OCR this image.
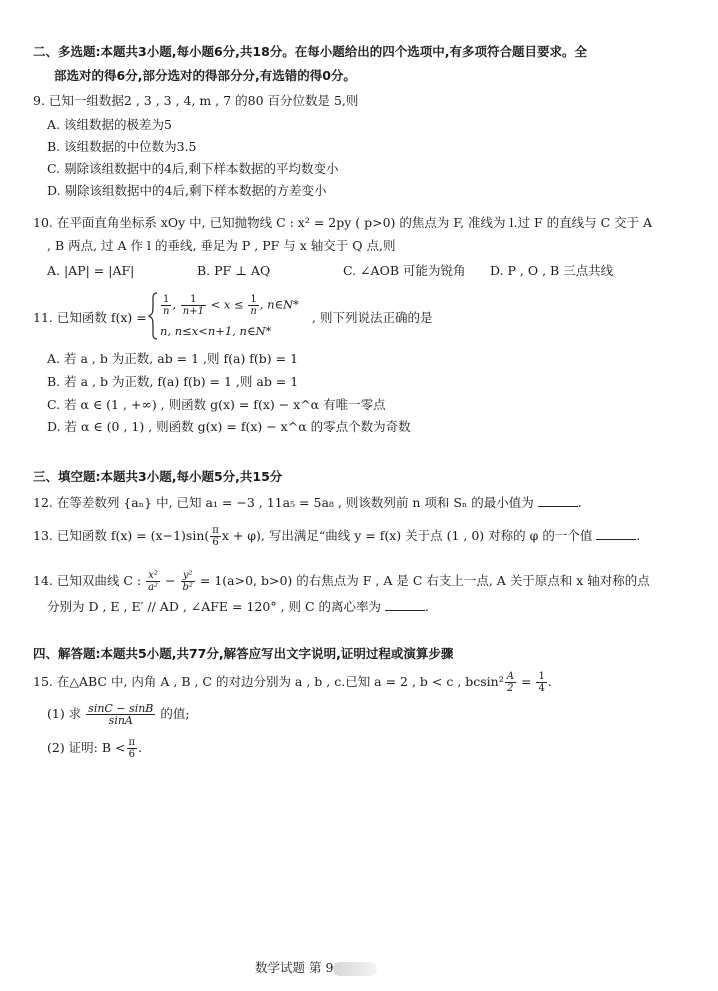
二、多选题:本题共3小题,每小题6分,共18分。在每小题给出的四个选项中,有多项符合题目要求。全
部选对的得6分,部分选对的得部分分,有选错的得0分。
9. 已知一组数据2 , 3 , 3 , 4, m , 7 的80 百分位数是 5,则
A. 该组数据的极差为5
B. 该组数据的中位数为3.5
C. 剔除该组数据中的4后,剩下样本数据的平均数变小
D. 剔除该组数据中的4后,剩下样本数据的方差变小
10. 在平面直角坐标系 xOy 中, 已知抛物线 C : x² = 2py ( p>0) 的焦点为 F, 准线为 l.过 F 的直线与 C 交于 A
, B 两点, 过 A 作 l 的垂线, 垂足为 P , PF 与 x 轴交于 Q 点,则
A. |AP| = |AF|	B. PF ⊥ AQ	C. ∠AOB 可能为锐角 D. P , O , B 三点共线
11. 已知函数 f(x) =
$\frac{1}{n}$ , $\frac{1}{n+1} < x \le \frac{1}{n}$ , n∈N*
n, n≤x<n+1, n∈N*
, 则下列说法正确的是
A. 若 a , b 为正数, ab = 1 ,则 f(a) f(b) = 1
B. 若 a , b 为正数, f(a) f(b) = 1 ,则 ab = 1
C. 若 α ∈ (1 , +∞) , 则函数 g(x) = f(x) − x^α 有唯一零点
D. 若 α ∈ (0 , 1) , 则函数 g(x) = f(x) − x^α 的零点个数为奇数
三、填空题:本题共3小题,每小题5分,共15分
12. 在等差数列 {aₙ} 中, 已知 a₁ = −3 , 11a₅ = 5a₈ , 则该数列前 n 项和 Sₙ 的最小值为	.
13. 已知函数 $f(x) = (x-1)\sin( \frac{\pi}{6}$ x + φ), 写出满足“曲线 y = f(x) 关于点 (1 , 0) 对称的 φ 的一个值	.
14. 已知双曲线 C : $\frac{\text{x²}}{\text{a²}} - \frac{\text{y²}}{\text{b²}} = 1(a>0$, b>0) 的右焦点为 F , A 是 C 右支上一点, A 关于原点和 x 轴对称的点
分别为 D , E , E′ // AD , ∠AFE = 120° , 则 C 的离心率为	.
四、解答题:本题共5小题,共77分,解答应写出文字说明,证明过程或演算步骤
15. 在△ABC 中, 内角 A , B , C 的对边分别为 a , b , c.已知 a = 2 , b < c , $bcsin^2 \frac{A}{2} = \frac{1}{4}$ .
(1) 求 $\frac{\sin C - \sin B}{\sin A}$ 的值;
(2) 证明: $B < \frac{\pi}{6}$ .
数学试题 第 9
